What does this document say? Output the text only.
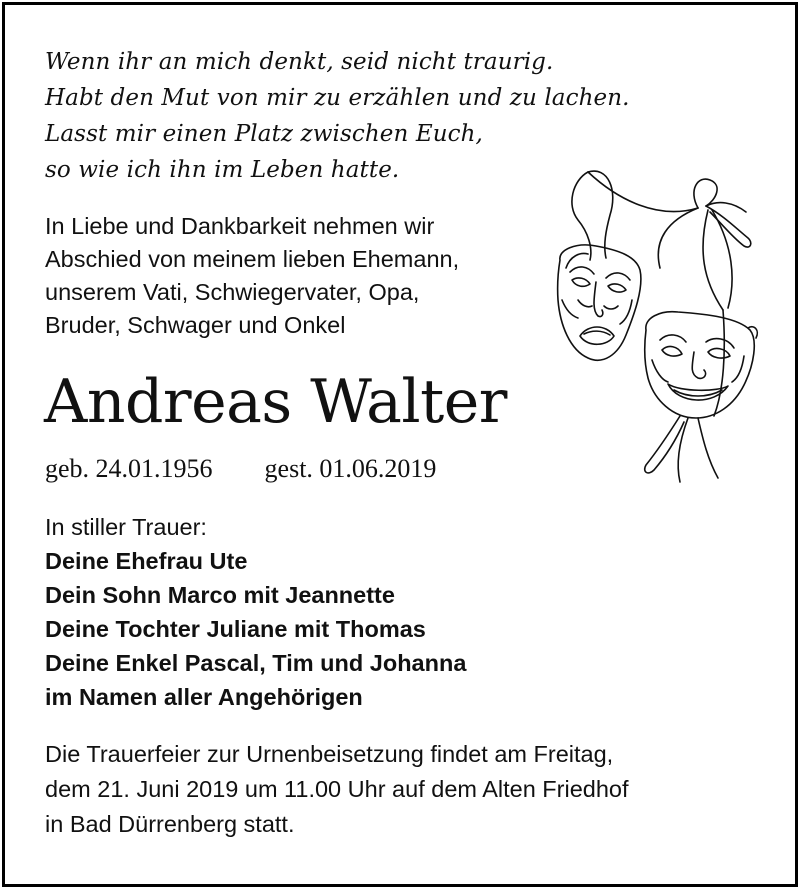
Wenn ihr an mich denkt, seid nicht traurig.
Habt den Mut von mir zu erzählen und zu lachen.
Lasst mir einen Platz zwischen Euch,
so wie ich ihn im Leben hatte.
In Liebe und Dankbarkeit nehmen wir
Abschied von meinem lieben Ehemann,
unserem Vati, Schwiegervater, Opa,
Bruder, Schwager und Onkel
Andreas Walter
geb. 24.01.1956 gest. 01.06.2019
In stiller Trauer:
Deine Ehefrau Ute
Dein Sohn Marco mit Jeannette
Deine Tochter Juliane mit Thomas
Deine Enkel Pascal, Tim und Johanna
im Namen aller Angehörigen
Die Trauerfeier zur Urnenbeisetzung findet am Freitag,
dem 21. Juni 2019 um 11.00 Uhr auf dem Alten Friedhof
in Bad Dürrenberg statt.
